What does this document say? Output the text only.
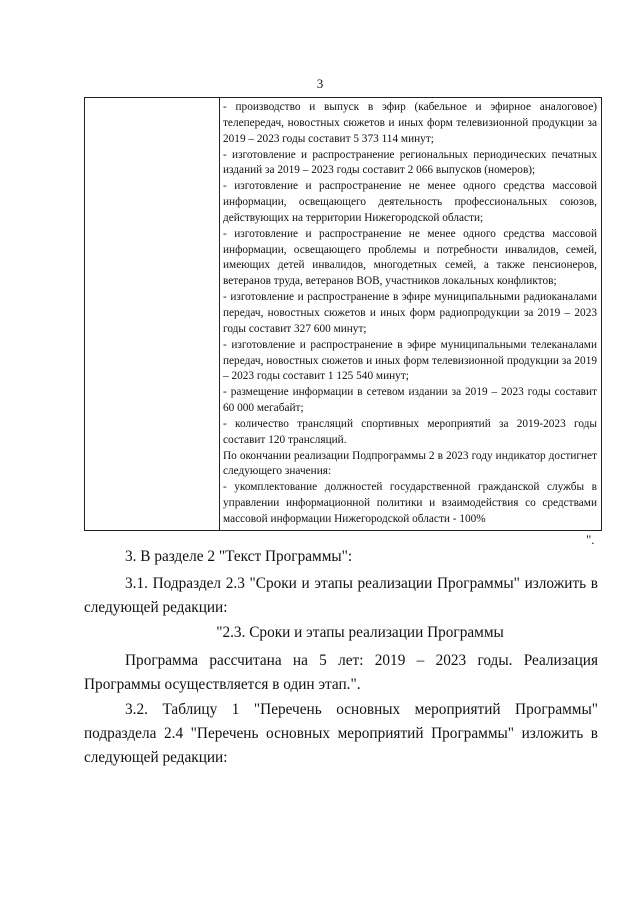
3

- производство и выпуск в эфир (кабельное и эфирное аналоговое) телепередач, новостных сюжетов и иных форм телевизионной продукции за 2019 – 2023 годы составит 5 373 114 минут;

- изготовление и распространение региональных периодических печатных изданий за 2019 – 2023 годы составит 2 066 выпусков (номеров);

- изготовление и распространение не менее одного средства массовой информации, освещающего деятельность профессиональных союзов, действующих на территории Нижегородской области;

- изготовление и распространение не менее одного средства массовой информации, освещающего проблемы и потребности инвалидов, семей, имеющих детей инвалидов, многодетных семей, а также пенсионеров, ветеранов труда, ветеранов ВОВ, участников локальных конфликтов;

- изготовление и распространение в эфире муниципальными радиоканалами передач, новостных сюжетов и иных форм радиопродукции за 2019 – 2023 годы составит 327 600 минут;

- изготовление и распространение в эфире муниципальными телеканалами передач, новостных сюжетов и иных форм телевизионной продукции за 2019 – 2023 годы составит 1 125 540 минут;

- размещение информации в сетевом издании за 2019 – 2023 годы составит 60 000 мегабайт;

- количество трансляций спортивных мероприятий за 2019-2023 годы составит 120 трансляций.

По окончании реализации Подпрограммы 2 в 2023 году индикатор достигнет следующего значения:

- укомплектование должностей государственной гражданской службы в управлении информационной политики и взаимодействия со средствами массовой информации Нижегородской области - 100%

".

3. В разделе 2 "Текст Программы":

3.1. Подраздел 2.3 "Сроки и этапы реализации Программы" изложить в следующей редакции:

"2.3. Сроки и этапы реализации Программы

Программа рассчитана на 5 лет: 2019 – 2023 годы. Реализация Программы осуществляется в один этап.".

3.2. Таблицу 1 "Перечень основных мероприятий Программы" подраздела 2.4 "Перечень основных мероприятий Программы" изложить в следующей редакции:
